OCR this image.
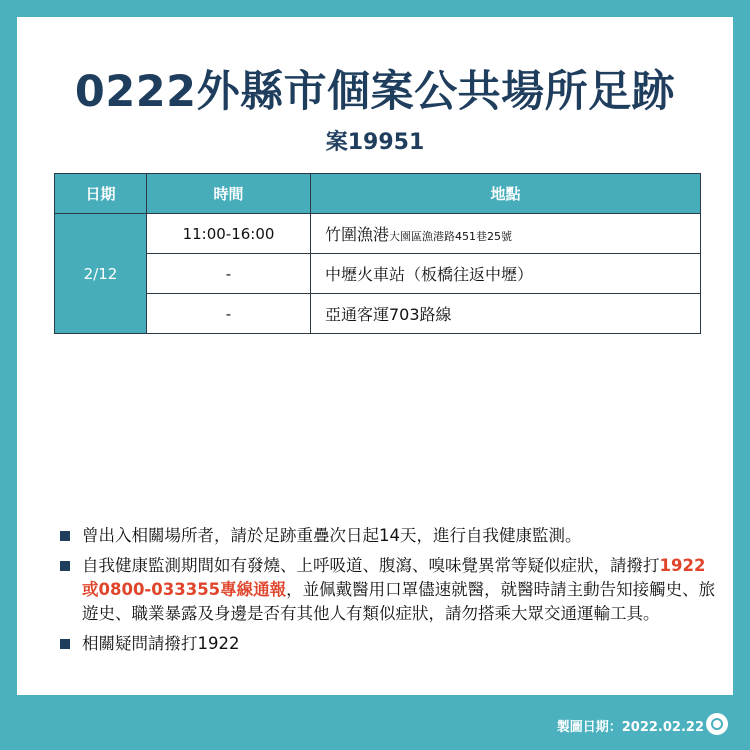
0222外縣市個案公共場所足跡
案19951
日期	時間	地點
2/12	11:00-16:00	竹圍漁港大園區漁港路451巷25號
	-	中壢火車站（板橋往返中壢）
	-	亞通客運703路線
曾出入相關場所者，請於足跡重疊次日起14天，進行自我健康監測。
自我健康監測期間如有發燒、上呼吸道、腹瀉、嗅味覺異常等疑似症狀，請撥打1922或0800-033355專線通報，並佩戴醫用口罩儘速就醫，就醫時請主動告知接觸史、旅遊史、職業暴露及身邊是否有其他人有類似症狀，請勿搭乘大眾交通運輸工具。
相關疑問請撥打1922
製圖日期：2022.02.22
